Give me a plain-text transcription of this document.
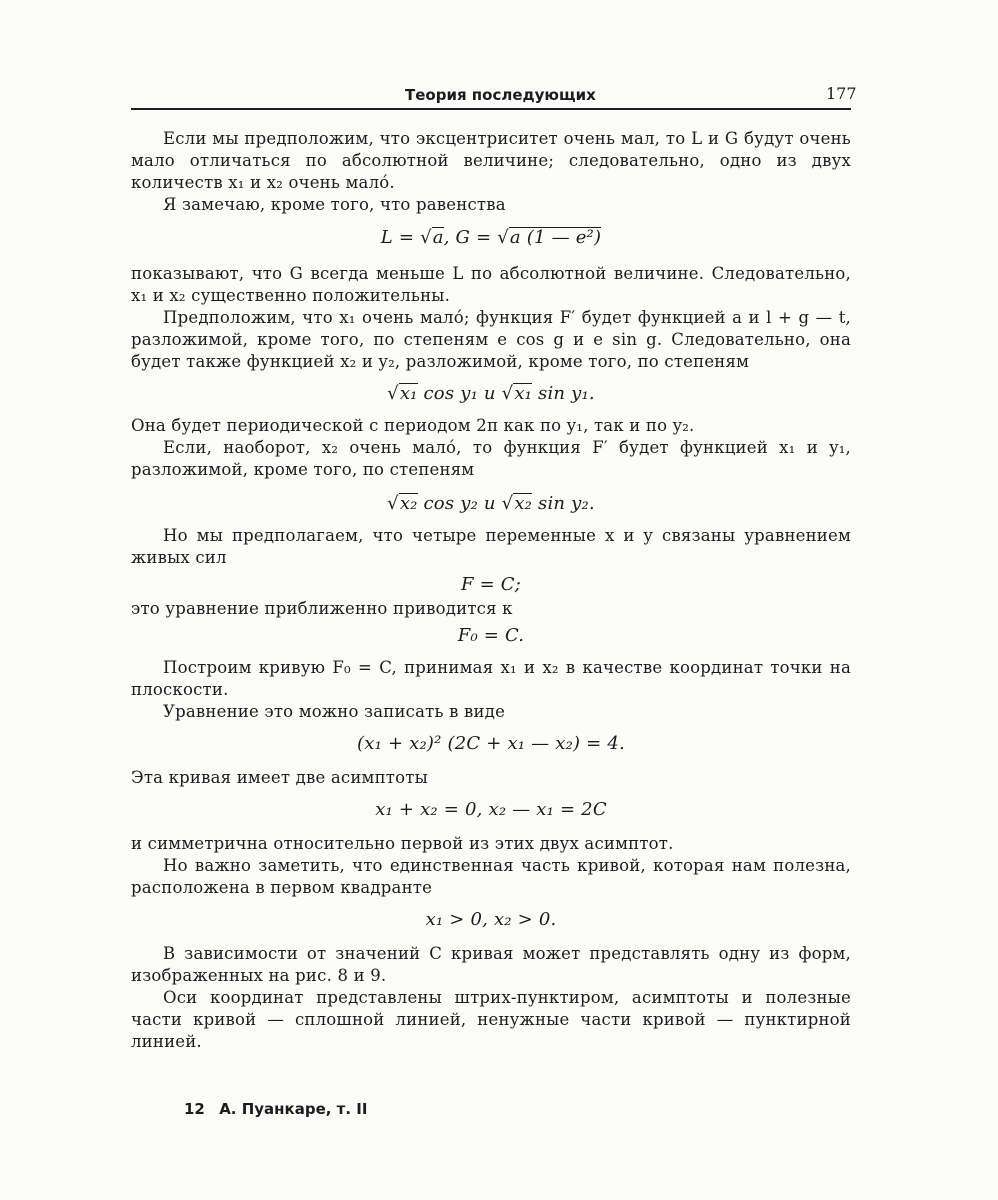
Теория последующих	177

Если мы предположим, что эксцентриситет очень мал, то L и G будут очень мало отличаться по абсолютной величине; следовательно, одно из двух количеств x₁ и x₂ очень мало́.

Я замечаю, кроме того, что равенства

L = √a, G = √a (1 — e²)

показывают, что G всегда меньше L по абсолютной величине. Следовательно, x₁ и x₂ существенно положительны.

Предположим, что x₁ очень мало́; функция F′ будет функцией a и l + g — t, разложимой, кроме того, по степеням e cos g и e sin g. Следовательно, она будет также функцией x₂ и y₂, разложимой, кроме того, по степеням

√x₁ cos y₁ и √x₁ sin y₁.

Она будет периодической с периодом 2π как по y₁, так и по y₂.

Если, наоборот, x₂ очень мало́, то функция F′ будет функцией x₁ и y₁, разложимой, кроме того, по степеням

√x₂ cos y₂ и √x₂ sin y₂.

Но мы предполагаем, что четыре переменные x и y связаны уравнением живых сил

F = C;

это уравнение приближенно приводится к

F₀ = C.

Построим кривую F₀ = C, принимая x₁ и x₂ в качестве координат точки на плоскости.

Уравнение это можно записать в виде

(x₁ + x₂)² (2C + x₁ — x₂) = 4.

Эта кривая имеет две асимптоты

x₁ + x₂ = 0, x₂ — x₁ = 2C

и симметрична относительно первой из этих двух асимптот.

Но важно заметить, что единственная часть кривой, которая нам полезна, расположена в первом квадранте

x₁ > 0, x₂ > 0.

В зависимости от значений C кривая может представлять одну из форм, изображенных на рис. 8 и 9.

Оси координат представлены штрих-пунктиром, асимптоты и полезные части кривой — сплошной линией, ненужные части кривой — пунктирной линией.

12 А. Пуанкаре, т. II
